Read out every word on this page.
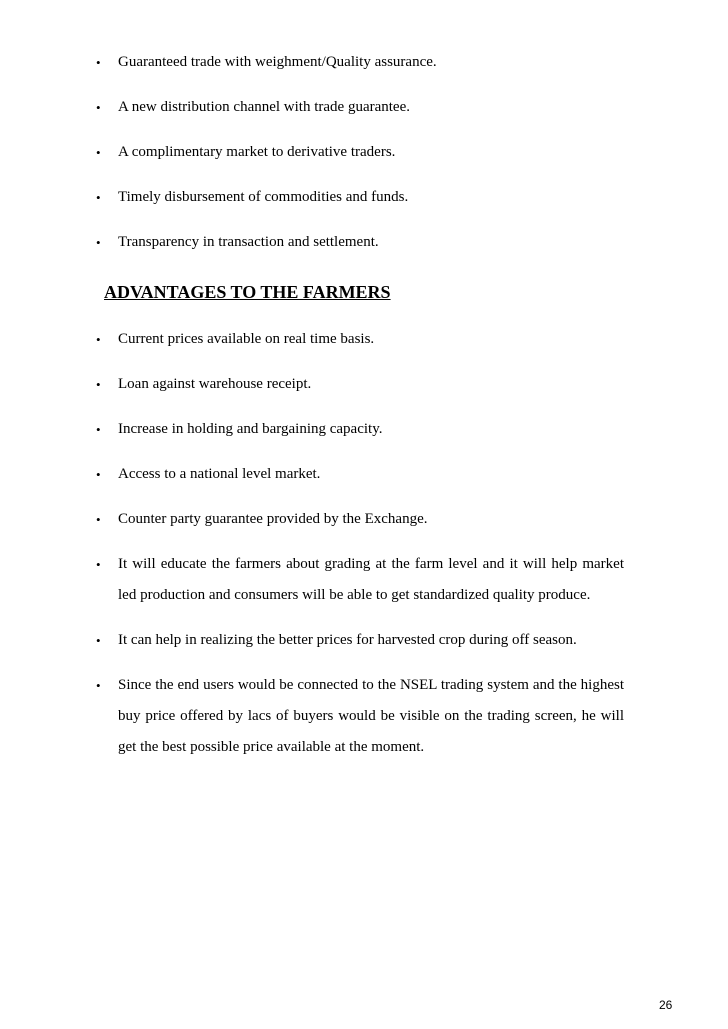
• Guaranteed trade with weighment/Quality assurance.
• A new distribution channel with trade guarantee.
• A complimentary market to derivative traders.
• Timely disbursement of commodities and funds.
• Transparency in transaction and settlement.
ADVANTAGES TO THE FARMERS
• Current prices available on real time basis.
• Loan against warehouse receipt.
• Increase in holding and bargaining capacity.
• Access to a national level market.
• Counter party guarantee provided by the Exchange.
• It will educate the farmers about grading at the farm level and it will help market led production and consumers will be able to get standardized quality produce.
• It can help in realizing the better prices for harvested crop during off season.
• Since the end users would be connected to the NSEL trading system and the highest buy price offered by lacs of buyers would be visible on the trading screen, he will get the best possible price available at the moment.
26
